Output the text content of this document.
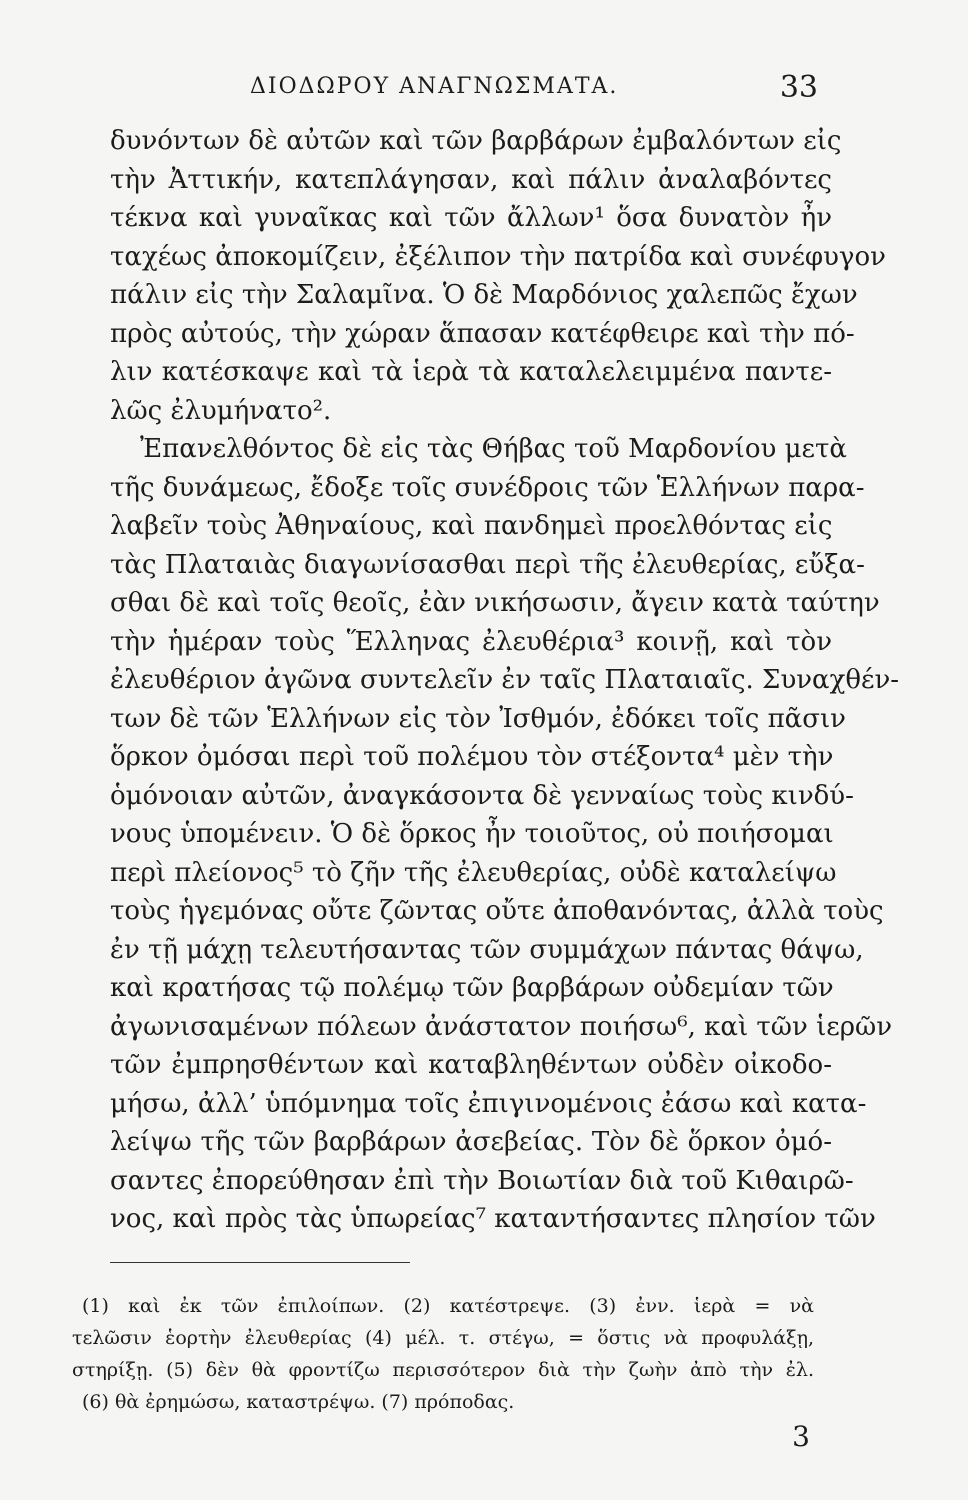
ΔΙΟΔΩΡΟΥ ΑΝΑΓΝΩΣΜΑΤΑ.	33
δυνόντων δὲ αὐτῶν καὶ τῶν βαρβάρων ἐμβαλόντων εἰς
τὴν Ἀττικήν, κατεπλάγησαν, καὶ πάλιν ἀναλαβόντες
τέκνα καὶ γυναῖκας καὶ τῶν ἄλλων¹ ὅσα δυνατὸν ἦν
ταχέως ἀποκομίζειν, ἐξέλιπον τὴν πατρίδα καὶ συνέφυγον
πάλιν εἰς τὴν Σαλαμῖνα. Ὁ δὲ Μαρδόνιος χαλεπῶς ἔχων
πρὸς αὐτούς, τὴν χώραν ἅπασαν κατέφθειρε καὶ τὴν πό-
λιν κατέσκαψε καὶ τὰ ἱερὰ τὰ καταλελειμμένα παντε-
λῶς ἐλυμήνατο².
Ἐπανελθόντος δὲ εἰς τὰς Θήβας τοῦ Μαρδονίου μετὰ
τῆς δυνάμεως, ἔδοξε τοῖς συνέδροις τῶν Ἑλλήνων παρα-
λαβεῖν τοὺς Ἀθηναίους, καὶ πανδημεὶ προελθόντας εἰς
τὰς Πλαταιὰς διαγωνίσασθαι περὶ τῆς ἐλευθερίας, εὔξα-
σθαι δὲ καὶ τοῖς θεοῖς, ἐὰν νικήσωσιν, ἄγειν κατὰ ταύτην
τὴν ἡμέραν τοὺς Ἕλληνας ἐλευθέρια³ κοινῇ, καὶ τὸν
ἐλευθέριον ἀγῶνα συντελεῖν ἐν ταῖς Πλαταιαῖς. Συναχθέν-
των δὲ τῶν Ἑλλήνων εἰς τὸν Ἰσθμόν, ἐδόκει τοῖς πᾶσιν
ὅρκον ὀμόσαι περὶ τοῦ πολέμου τὸν στέξοντα⁴ μὲν τὴν
ὁμόνοιαν αὐτῶν, ἀναγκάσοντα δὲ γενναίως τοὺς κινδύ-
νους ὑπομένειν. Ὁ δὲ ὅρκος ἦν τοιοῦτος, οὐ ποιήσομαι
περὶ πλείονος⁵ τὸ ζῆν τῆς ἐλευθερίας, οὐδὲ καταλείψω
τοὺς ἡγεμόνας οὔτε ζῶντας οὔτε ἀποθανόντας, ἀλλὰ τοὺς
ἐν τῇ μάχῃ τελευτήσαντας τῶν συμμάχων πάντας θάψω,
καὶ κρατήσας τῷ πολέμῳ τῶν βαρβάρων οὐδεμίαν τῶν
ἀγωνισαμένων πόλεων ἀνάστατον ποιήσω⁶, καὶ τῶν ἱερῶν
τῶν ἐμπρησθέντων καὶ καταβληθέντων οὐδὲν οἰκοδο-
μήσω, ἀλλ’ ὑπόμνημα τοῖς ἐπιγινομένοις ἐάσω καὶ κατα-
λείψω τῆς τῶν βαρβάρων ἀσεβείας. Τὸν δὲ ὅρκον ὀμό-
σαντες ἐπορεύθησαν ἐπὶ τὴν Βοιωτίαν διὰ τοῦ Κιθαιρῶ-
νος, καὶ πρὸς τὰς ὑπωρείας⁷ καταντήσαντες πλησίον τῶν
(1) καὶ ἐκ τῶν ἐπιλοίπων. (2) κατέστρεψε. (3) ἐνν. ἱερὰ = νὰ
τελῶσιν ἑορτὴν ἐλευθερίας (4) μέλ. τ. στέγω, = ὅστις νὰ προφυλάξῃ,
στηρίξῃ. (5) δὲν θὰ φροντίζω περισσότερον διὰ τὴν ζωὴν ἀπὸ τὴν ἐλ.
(6) θὰ ἐρημώσω, καταστρέψω. (7) πρόποδας.
3
